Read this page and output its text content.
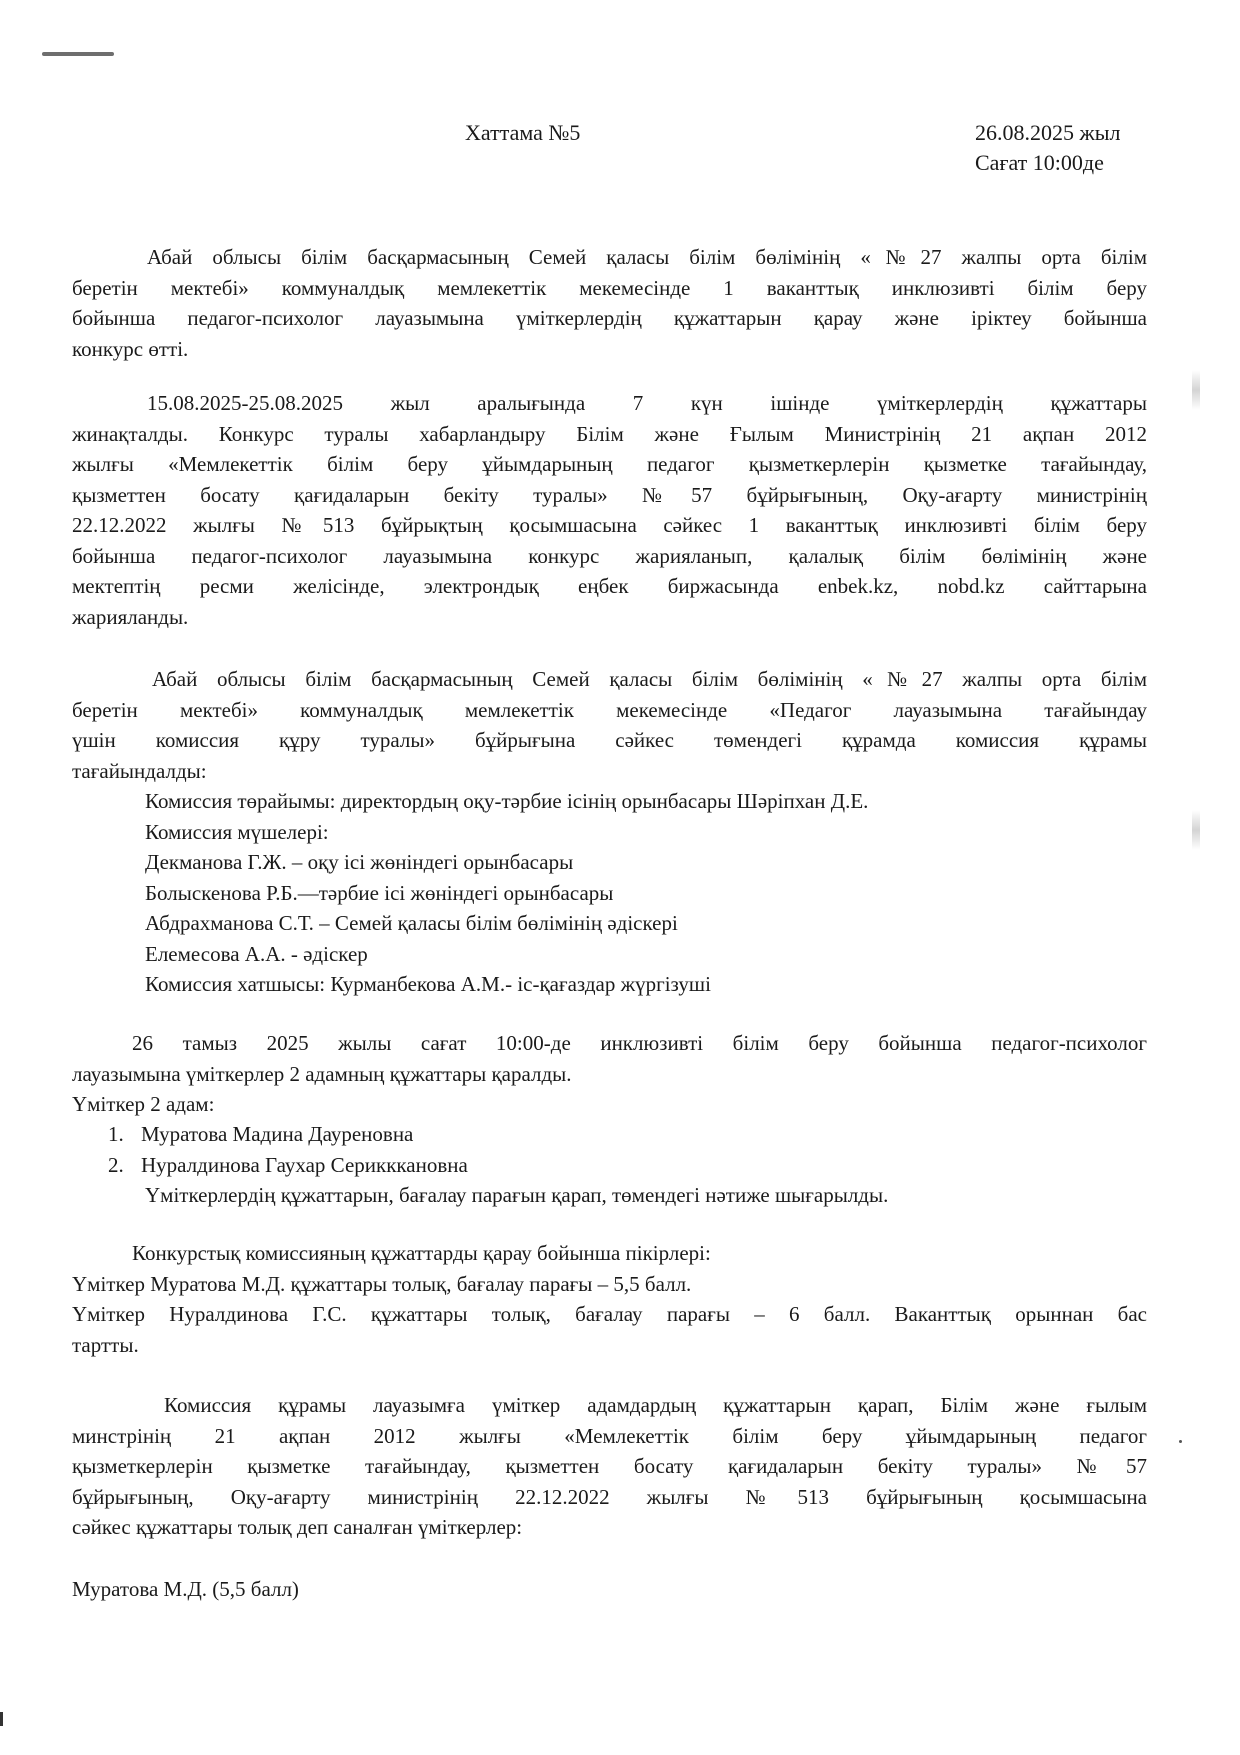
Хаттама №5	26.08.2025 жыл
Сағат 10:00де
Абай облысы білім басқармасының Семей қаласы білім бөлімінің «№27 жалпы орта білім
беретін мектебі» коммуналдық мемлекеттік мекемесінде 1 ваканттық инклюзивті білім беру
бойынша педагог-психолог лауазымына үміткерлердің құжаттарын қарау және іріктеу бойынша
конкурс өтті.
15.08.2025-25.08.2025 жыл аралығында 7 күн ішінде үміткерлердің құжаттары
жинақталды. Конкурс туралы хабарландыру Білім және Ғылым Министрінің 21 ақпан 2012
жылғы «Мемлекеттік білім беру ұйымдарының педагог қызметкерлерін қызметке тағайындау,
қызметтен босату қағидаларын бекіту туралы» №57 бұйрығының, Оқу-ағарту министрінің
22.12.2022 жылғы №513 бұйрықтың қосымшасына сәйкес 1 ваканттық инклюзивті білім беру
бойынша педагог-психолог лауазымына конкурс жарияланып, қалалық білім бөлімінің және
мектептің ресми желісінде, электрондық еңбек биржасында enbek.kz, nobd.kz сайттарына
жарияланды.
Абай облысы білім басқармасының Семей қаласы білім бөлімінің «№27 жалпы орта білім
беретін мектебі» коммуналдық мемлекеттік мекемесінде «Педагог лауазымына тағайындау
үшін комиссия құру туралы» бұйрығына сәйкес төмендегі құрамда комиссия құрамы
тағайындалды:
Комиссия төрайымы: директордың оқу-тәрбие ісінің орынбасары Шәріпхан Д.Е.
Комиссия мүшелері:
Декманова Г.Ж. – оқу ісі жөніндегі орынбасары
Болыскенова Р.Б.—тәрбие ісі жөніндегі орынбасары
Абдрахманова С.Т. – Семей қаласы білім бөлімінің әдіскері
Елемесова А.А. - әдіскер
Комиссия хатшысы: Курманбекова А.М.- іс-қағаздар жүргізуші
26 тамыз 2025 жылы сағат 10:00-де инклюзивті білім беру бойынша педагог-психолог
лауазымына үміткерлер 2 адамның құжаттары қаралды.
Үміткер 2 адам:
1. Муратова Мадина Дауреновна
2. Нуралдинова Гаухар Серикккановна
Үміткерлердің құжаттарын, бағалау парағын қарап, төмендегі нәтиже шығарылды.
Конкурстық комиссияның құжаттарды қарау бойынша пікірлері:
Үміткер Муратова М.Д. құжаттары толық, бағалау парағы – 5,5 балл.
Үміткер Нуралдинова Г.С. құжаттары толық, бағалау парағы – 6 балл. Ваканттық орыннан бас
тартты.
Комиссия құрамы лауазымға үміткер адамдардың құжаттарын қарап, Білім және ғылым
минстрінің 21 ақпан 2012 жылғы «Мемлекеттік білім беру ұйымдарының педагог
қызметкерлерін қызметке тағайындау, қызметтен босату қағидаларын бекіту туралы» №57
бұйрығының, Оқу-ағарту министрінің 22.12.2022 жылғы №513 бұйрығының қосымшасына
сәйкес құжаттары толық деп саналған үміткерлер:
Муратова М.Д. (5,5 балл)
